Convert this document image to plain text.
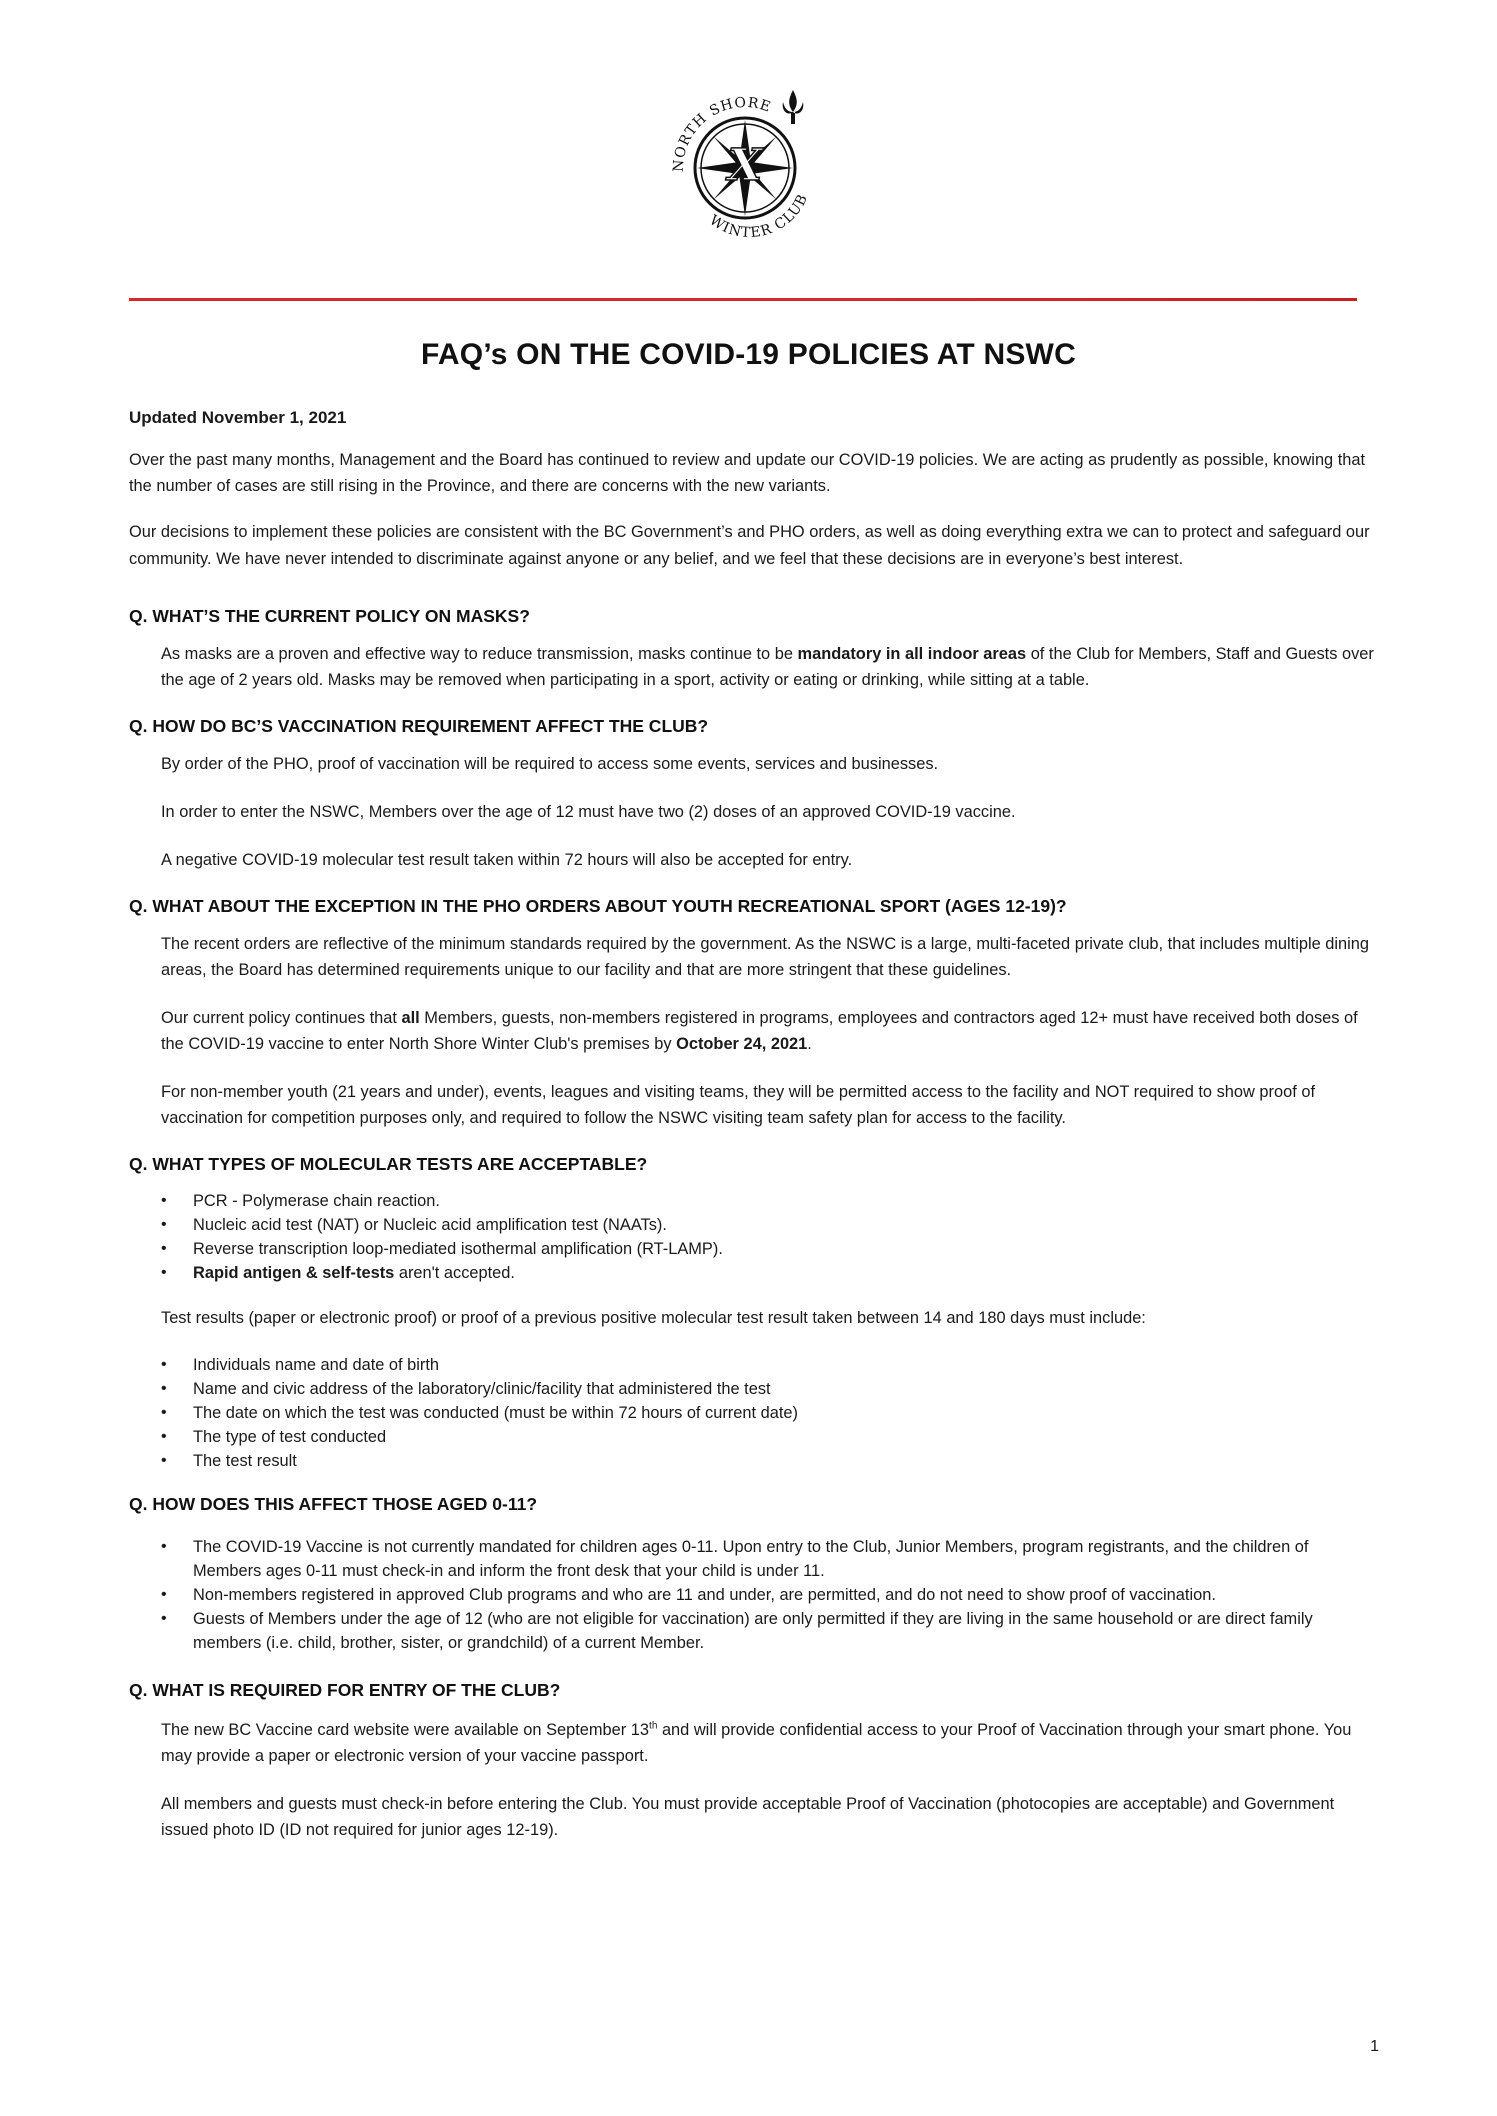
X
NORTH SHORE
WINTER CLUB
FAQ’s ON THE COVID-19 POLICIES AT NSWC

Updated November 1, 2021

Over the past many months, Management and the Board has continued to review and update our COVID-19 policies. We are acting as prudently as possible, knowing that the number of cases are still rising in the Province, and there are concerns with the new variants.

Our decisions to implement these policies are consistent with the BC Government’s and PHO orders, as well as doing everything extra we can to protect and safeguard our community. We have never intended to discriminate against anyone or any belief, and we feel that these decisions are in everyone’s best interest.

Q. WHAT’S THE CURRENT POLICY ON MASKS?

As masks are a proven and effective way to reduce transmission, masks continue to be mandatory in all indoor areas of the Club for Members, Staff and Guests over the age of 2 years old. Masks may be removed when participating in a sport, activity or eating or drinking, while sitting at a table.

Q. HOW DO BC’S VACCINATION REQUIREMENT AFFECT THE CLUB?

By order of the PHO, proof of vaccination will be required to access some events, services and businesses.

In order to enter the NSWC, Members over the age of 12 must have two (2) doses of an approved COVID-19 vaccine.

A negative COVID-19 molecular test result taken within 72 hours will also be accepted for entry.

Q. WHAT ABOUT THE EXCEPTION IN THE PHO ORDERS ABOUT YOUTH RECREATIONAL SPORT (AGES 12-19)?

The recent orders are reflective of the minimum standards required by the government. As the NSWC is a large, multi-faceted private club, that includes multiple dining areas, the Board has determined requirements unique to our facility and that are more stringent that these guidelines.

Our current policy continues that all Members, guests, non-members registered in programs, employees and contractors aged 12+ must have received both doses of the COVID-19 vaccine to enter North Shore Winter Club's premises by October 24, 2021.

For non-member youth (21 years and under), events, leagues and visiting teams, they will be permitted access to the facility and NOT required to show proof of vaccination for competition purposes only, and required to follow the NSWC visiting team safety plan for access to the facility.

Q. WHAT TYPES OF MOLECULAR TESTS ARE ACCEPTABLE?
• PCR - Polymerase chain reaction.
• Nucleic acid test (NAT) or Nucleic acid amplification test (NAATs).
• Reverse transcription loop-mediated isothermal amplification (RT-LAMP).
• Rapid antigen & self-tests aren't accepted.

Test results (paper or electronic proof) or proof of a previous positive molecular test result taken between 14 and 180 days must include:

• Individuals name and date of birth
• Name and civic address of the laboratory/clinic/facility that administered the test
• The date on which the test was conducted (must be within 72 hours of current date)
• The type of test conducted
• The test result
Q. HOW DOES THIS AFFECT THOSE AGED 0-11?
• The COVID-19 Vaccine is not currently mandated for children ages 0-11. Upon entry to the Club, Junior Members, program registrants, and the children of Members ages 0-11 must check-in and inform the front desk that your child is under 11.
• Non-members registered in approved Club programs and who are 11 and under, are permitted, and do not need to show proof of vaccination.
• Guests of Members under the age of 12 (who are not eligible for vaccination) are only permitted if they are living in the same household or are direct family members (i.e. child, brother, sister, or grandchild) of a current Member.
Q. WHAT IS REQUIRED FOR ENTRY OF THE CLUB?

The new BC Vaccine card website were available on September 13th and will provide confidential access to your Proof of Vaccination through your smart phone. You may provide a paper or electronic version of your vaccine passport.

All members and guests must check-in before entering the Club. You must provide acceptable Proof of Vaccination (photocopies are acceptable) and Government issued photo ID (ID not required for junior ages 12-19).

1
